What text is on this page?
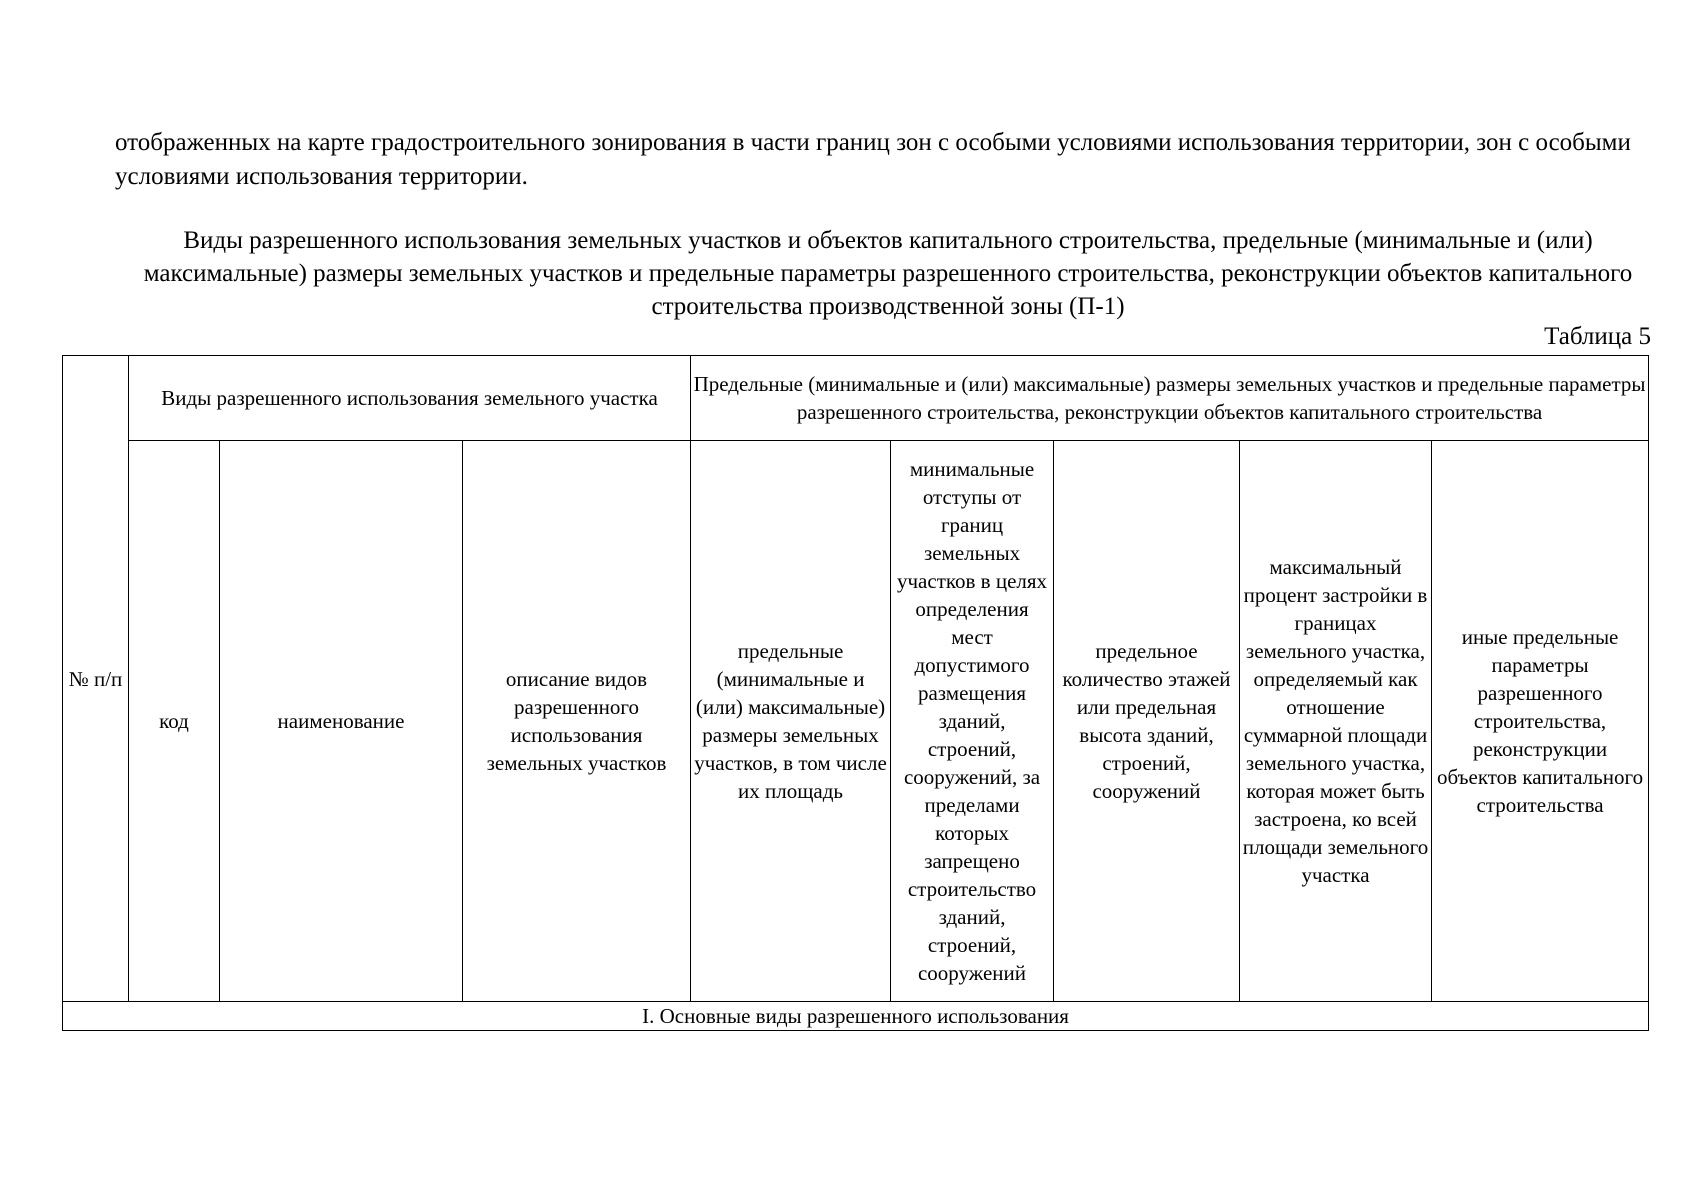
отображенных на карте градостроительного зонирования в части границ зон с особыми условиями использования территории, зон с особыми условиями использования территории.

Виды разрешенного использования земельных участков и объектов капитального строительства, предельные (минимальные и (или) максимальные) размеры земельных участков и предельные параметры разрешенного строительства, реконструкции объектов капитального строительства производственной зоны (П-1)

Таблица 5

№ п/п	Виды разрешенного использования земельного участка			Предельные (минимальные и (или) максимальные) размеры земельных участков и предельные параметры разрешенного строительства, реконструкции объектов капитального строительства				
	код	наименование	описание видов разрешенного использования земельных участков	предельные (минимальные и (или) максимальные) размеры земельных участков, в том числе их площадь	минимальные отступы от границ земельных участков в целях определения мест допустимого размещения зданий, строений, сооружений, за пределами которых запрещено строительство зданий, строений, сооружений	предельное количество этажей или предельная высота зданий, строений, сооружений	максимальный процент застройки в границах земельного участка, определяемый как отношение суммарной площади земельного участка, которая может быть застроена, ко всей площади земельного участка	иные предельные параметры разрешенного строительства, реконструкции объектов капитального строительства
I. Основные виды разрешенного использования								
